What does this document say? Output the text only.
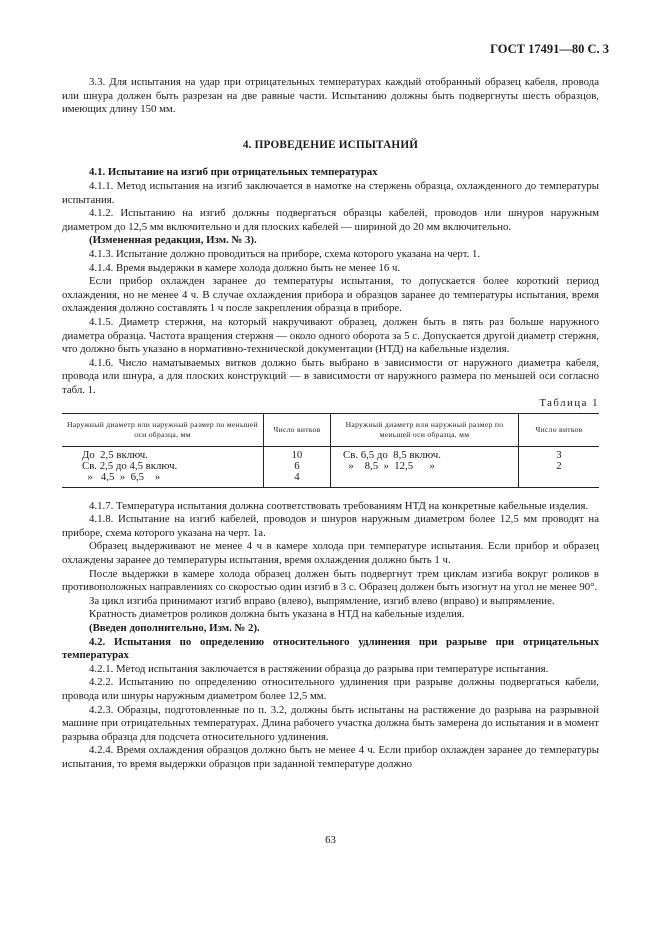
ГОСТ 17491—80 С. 3

3.3. Для испытания на удар при отрицательных температурах каждый отобранный образец кабеля, провода или шнура должен быть разрезан на две равные части. Испытанию должны быть подвергнуты шесть образцов, имеющих длину 150 мм.

4. ПРОВЕДЕНИЕ ИСПЫТАНИЙ

4.1. Испытание на изгиб при отрицательных температурах

4.1.1. Метод испытания на изгиб заключается в намотке на стержень образца, охлажденного до температуры испытания.

4.1.2. Испытанию на изгиб должны подвергаться образцы кабелей, проводов или шнуров наружным диаметром до 12,5 мм включительно и для плоских кабелей — шириной до 20 мм включительно.

(Измененная редакция, Изм. № 3).

4.1.3. Испытание должно проводиться на приборе, схема которого указана на черт. 1.

4.1.4. Время выдержки в камере холода должно быть не менее 16 ч.

Если прибор охлажден заранее до температуры испытания, то допускается более короткий период охлаждения, но не менее 4 ч. В случае охлаждения прибора и образцов заранее до температуры испытания, время охлаждения должно составлять 1 ч после закрепления образца в приборе.

4.1.5. Диаметр стержня, на который накручивают образец, должен быть в пять раз больше наружного диаметра образца. Частота вращения стержня — около одного оборота за 5 с. Допускается другой диаметр стержня, что должно быть указано в нормативно-технической документации (НТД) на кабельные изделия.

4.1.6. Число наматываемых витков должно быть выбрано в зависимости от наружного диаметра кабеля, провода или шнура, а для плоских конструкций — в зависимости от наружного размера по меньшей оси согласно табл. 1.

Таблица 1

Наружный диаметр или наружный размер по меньшей оси образца, мм	Число витков	Наружный диаметр или наружный размер по меньшей оси образца, мм	Число витков
До  2,5 включ.	10	Св. 6,5 до  8,5 включ.	3
Св. 2,5 до 4,5 включ.	6	»    8,5  »  12,5      »	2
»   4,5  »  6,5    »	4		

4.1.7. Температура испытания должна соответствовать требованиям НТД на конкретные кабельные изделия.

4.1.8. Испытание на изгиб кабелей, проводов и шнуров наружным диаметром более 12,5 мм проводят на приборе, схема которого указана на черт. 1а.

Образец выдерживают не менее 4 ч в камере холода при температуре испытания. Если прибор и образец охлаждены заранее до температуры испытания, время охлаждения должно быть 1 ч.

После выдержки в камере холода образец должен быть подвергнут трем циклам изгиба вокруг роликов в противоположных направлениях со скоростью один изгиб в 3 с. Образец должен быть изогнут на угол не менее 90°.

За цикл изгиба принимают изгиб вправо (влево), выпрямление, изгиб влево (вправо) и выпрямление.

Кратность диаметров роликов должна быть указана в НТД на кабельные изделия.

(Введен дополнительно, Изм. № 2).

4.2. Испытания по определению относительного удлинения при разрыве при отрицательных температурах

4.2.1. Метод испытания заключается в растяжении образца до разрыва при температуре испытания.

4.2.2. Испытанию по определению относительного удлинения при разрыве должны подвергаться кабели, провода или шнуры наружным диаметром более 12,5 мм.

4.2.3. Образцы, подготовленные по п. 3.2, должны быть испытаны на растяжение до разрыва на разрывной машине при отрицательных температурах. Длина рабочего участка должна быть замерена до испытания и в момент разрыва образца для подсчета относительного удлинения.

4.2.4. Время охлаждения образцов должно быть не менее 4 ч. Если прибор охлажден заранее до температуры испытания, то время выдержки образцов при заданной температуре должно

63
